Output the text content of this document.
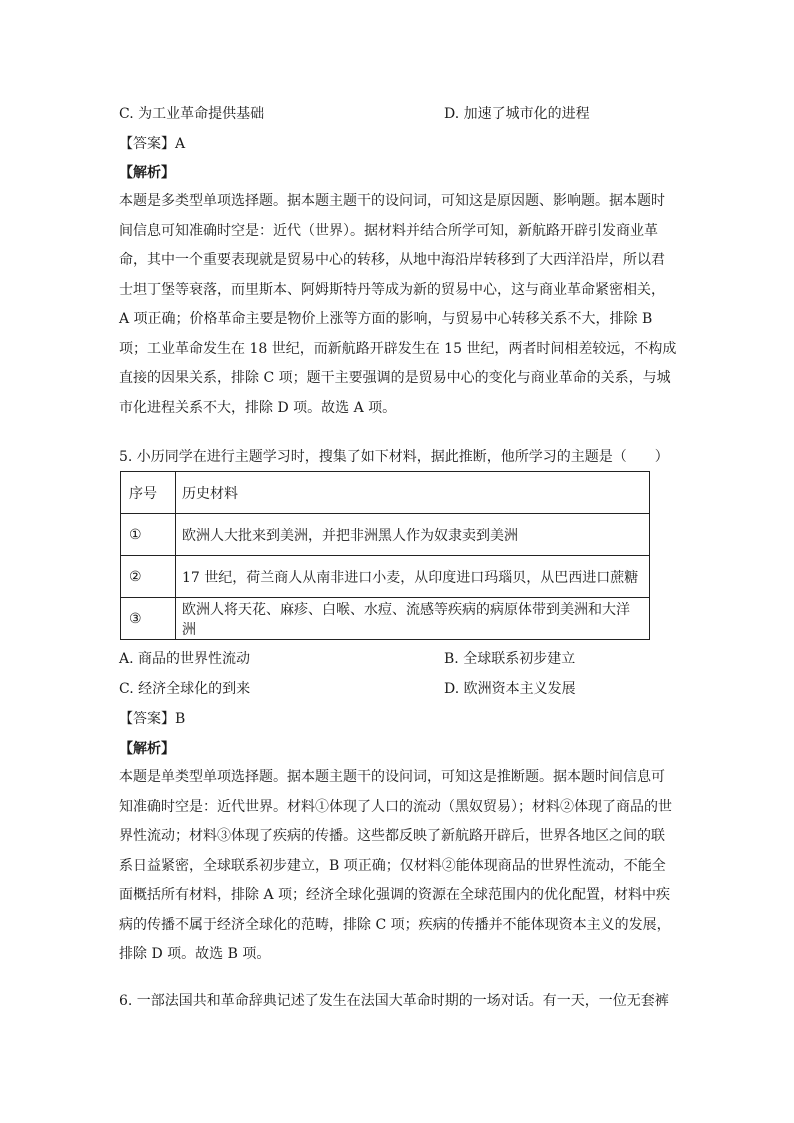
C. 为工业革命提供基础	D. 加速了城市化的进程
【答案】A
【解析】
本题是多类型单项选择题。据本题主题干的设问词，可知这是原因题、影响题。据本题时
间信息可知准确时空是：近代（世界）。据材料并结合所学可知，新航路开辟引发商业革
命，其中一个重要表现就是贸易中心的转移，从地中海沿岸转移到了大西洋沿岸，所以君
士坦丁堡等衰落，而里斯本、阿姆斯特丹等成为新的贸易中心，这与商业革命紧密相关，
A 项正确；价格革命主要是物价上涨等方面的影响，与贸易中心转移关系不大，排除 B
项；工业革命发生在 18 世纪，而新航路开辟发生在 15 世纪，两者时间相差较远，不构成
直接的因果关系，排除 C 项；题干主要强调的是贸易中心的变化与商业革命的关系，与城
市化进程关系不大，排除 D 项。故选 A 项。
5. 小历同学在进行主题学习时，搜集了如下材料，据此推断，他所学习的主题是（　　）
序号	历史材料
①	欧洲人大批来到美洲，并把非洲黑人作为奴隶卖到美洲
②	17 世纪，荷兰商人从南非进口小麦，从印度进口玛瑙贝，从巴西进口蔗糖
③	欧洲人将天花、麻疹、白喉、水痘、流感等疾病的病原体带到美洲和大洋洲
A. 商品的世界性流动	B. 全球联系初步建立
C. 经济全球化的到来	D. 欧洲资本主义发展
【答案】B
【解析】
本题是单类型单项选择题。据本题主题干的设问词，可知这是推断题。据本题时间信息可
知准确时空是：近代世界。材料①体现了人口的流动（黑奴贸易）；材料②体现了商品的世
界性流动；材料③体现了疾病的传播。这些都反映了新航路开辟后，世界各地区之间的联
系日益紧密，全球联系初步建立，B 项正确；仅材料②能体现商品的世界性流动，不能全
面概括所有材料，排除 A 项；经济全球化强调的资源在全球范围内的优化配置，材料中疾
病的传播不属于经济全球化的范畴，排除 C 项；疾病的传播并不能体现资本主义的发展，
排除 D 项。故选 B 项。
6. 一部法国共和革命辞典记述了发生在法国大革命时期的一场对话。有一天，一位无套裤
